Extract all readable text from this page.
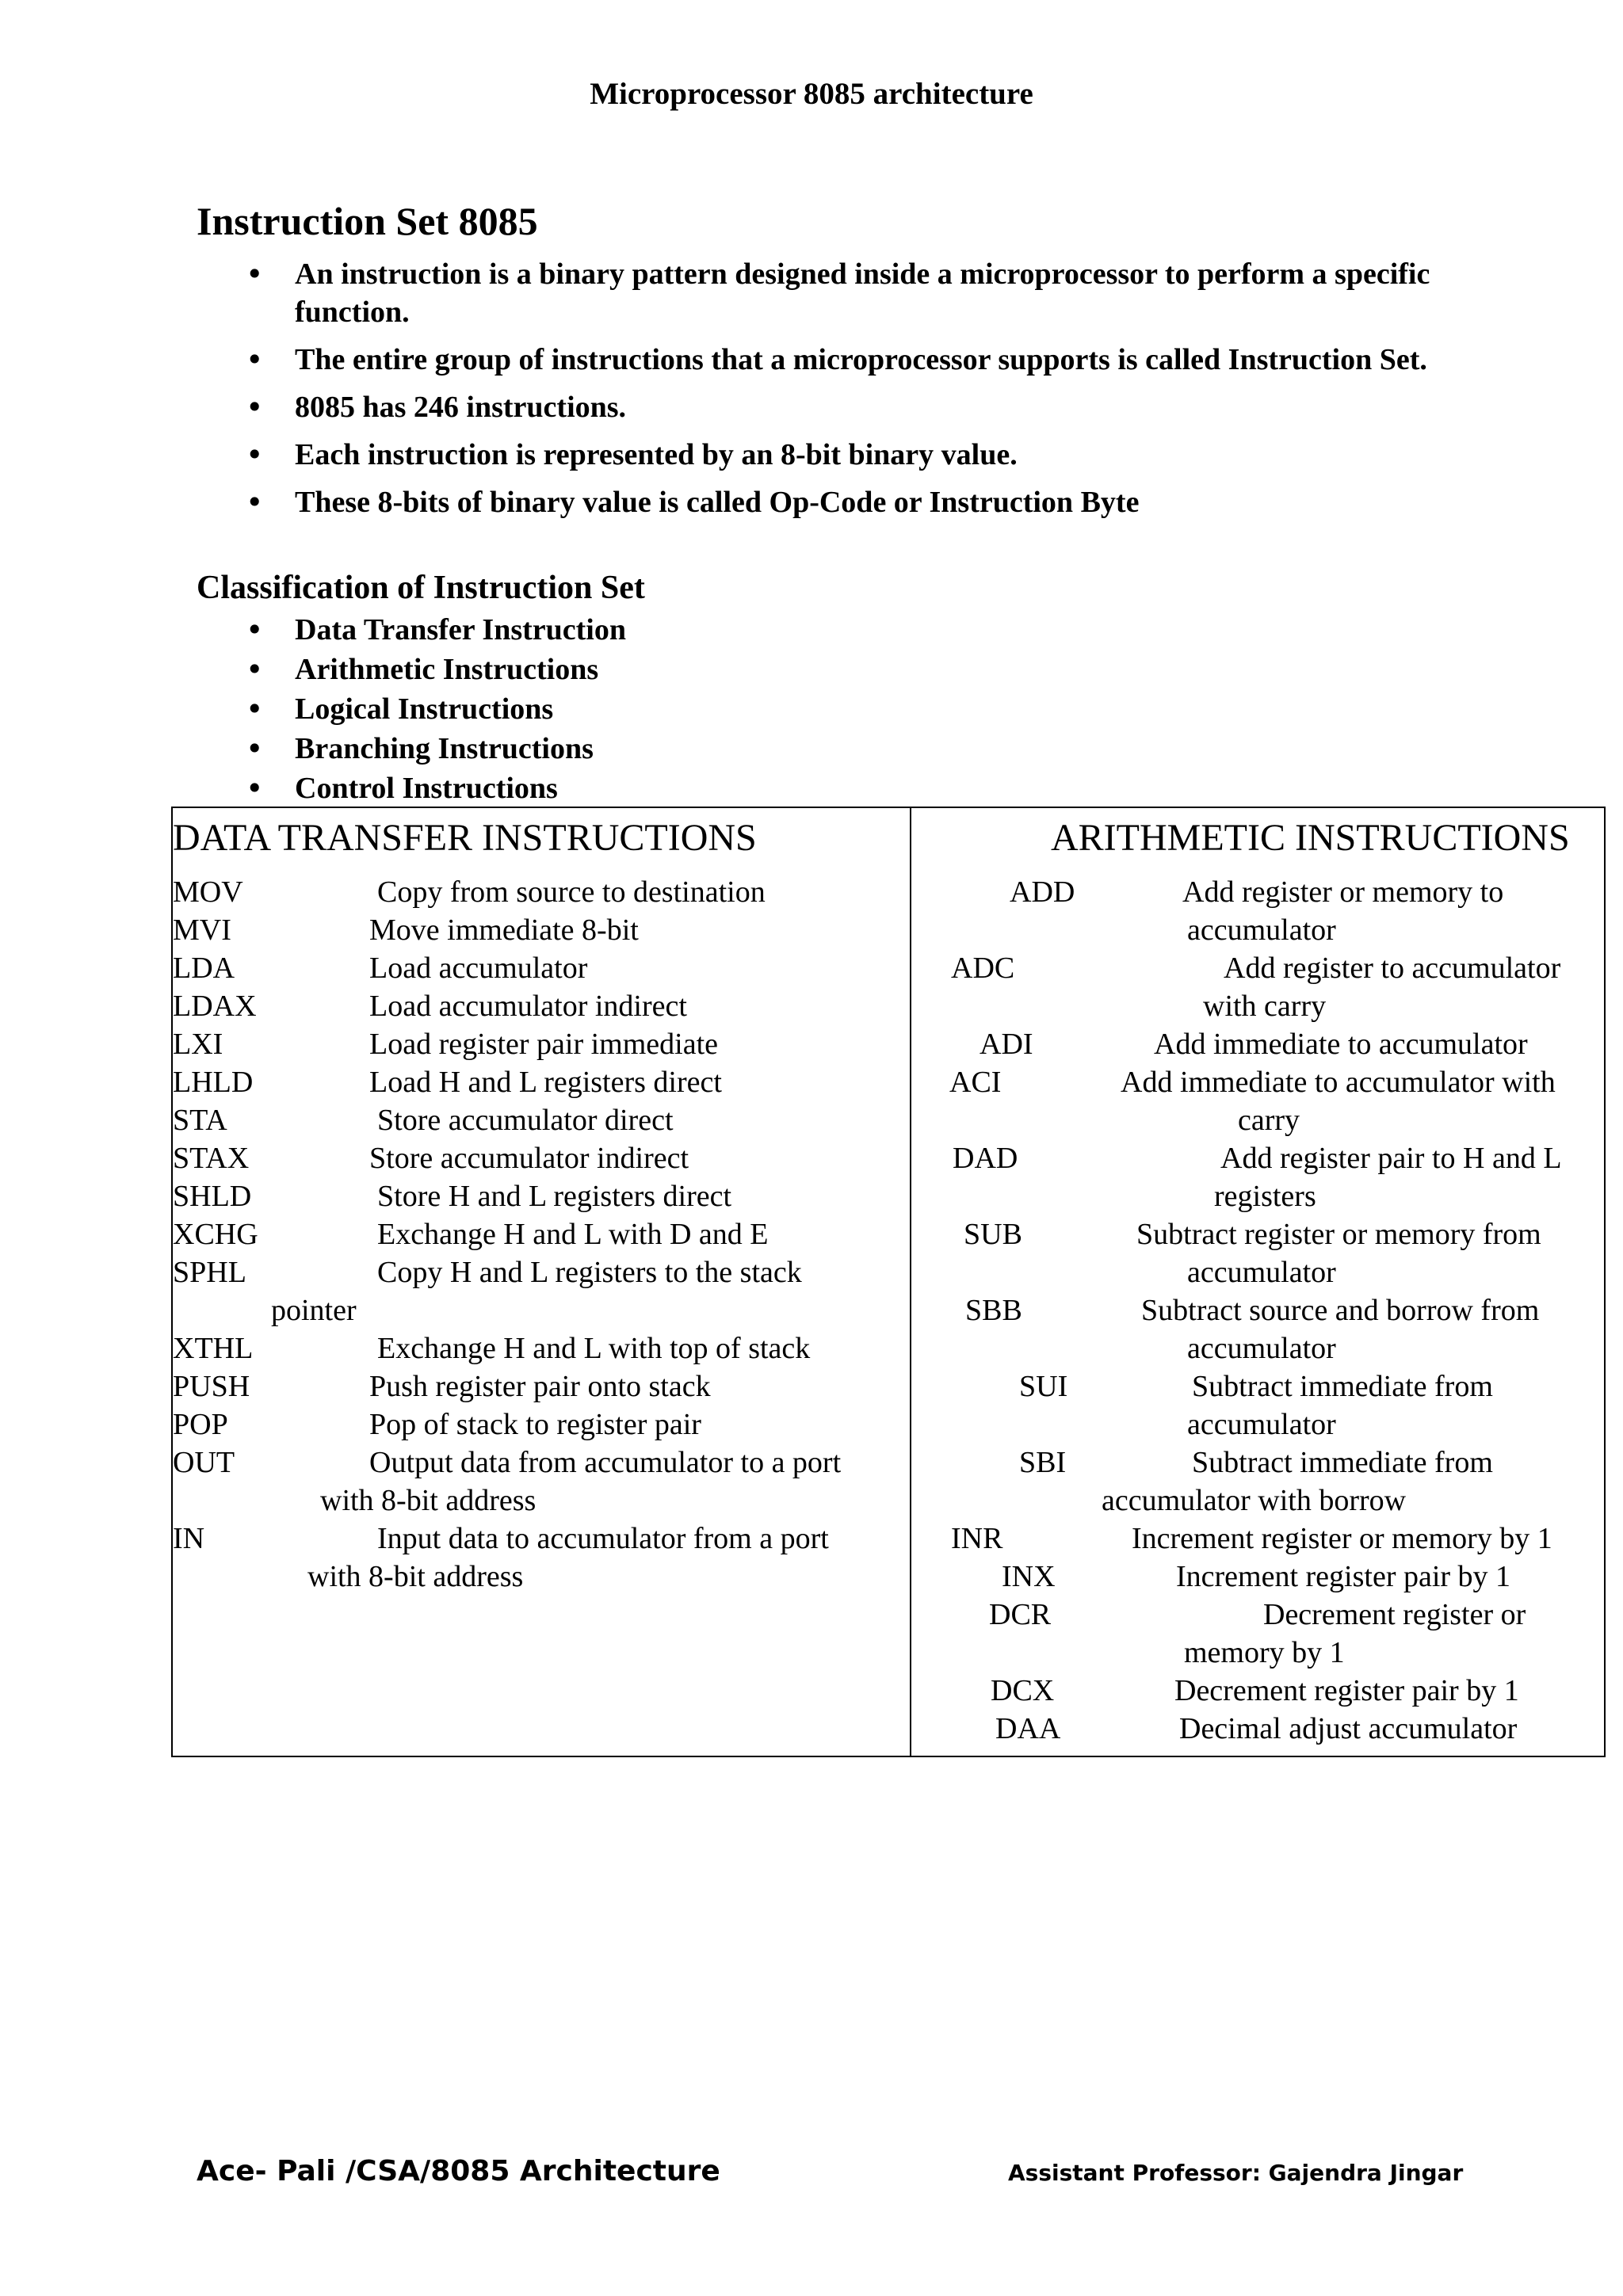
Microprocessor 8085 architecture
Instruction Set 8085
• An instruction is a binary pattern designed inside a microprocessor to perform a specific function.
• The entire group of instructions that a microprocessor supports is called Instruction Set.
• 8085 has 246 instructions.
• Each instruction is represented by an 8-bit binary value.
• These 8-bits of binary value is called Op-Code or Instruction Byte
Classification of Instruction Set
• Data Transfer Instruction
• Arithmetic Instructions
• Logical Instructions
• Branching Instructions
• Control Instructions
DATA TRANSFER INSTRUCTIONS	ARITHMETIC INSTRUCTIONS
MOV	Copy from source to destination
MVI	Move immediate 8-bit
LDA	Load accumulator
LDAX	Load accumulator indirect
LXI	Load register pair immediate
LHLD	Load H and L registers direct
STA	Store accumulator direct
STAX	Store accumulator indirect
SHLD	Store H and L registers direct
XCHG	Exchange H and L with D and E
SPHL	Copy H and L registers to the stack
pointer
XTHL	Exchange H and L with top of stack
PUSH	Push register pair onto stack
POP	Pop of stack to register pair
OUT	Output data from accumulator to a port
with 8-bit address
IN	Input data to accumulator from a port
with 8-bit address
ADD	Add register or memory to
accumulator
ADC	Add register to accumulator
with carry
ADI	Add immediate to accumulator
ACI	Add immediate to accumulator with
carry
DAD	Add register pair to H and L
registers
SUB	Subtract register or memory from
accumulator
SBB	Subtract source and borrow from
accumulator
SUI	Subtract immediate from
accumulator
SBI	Subtract immediate from
accumulator with borrow
INR	Increment register or memory by 1
INX	Increment register pair by 1
DCR	Decrement register or
memory by 1
DCX	Decrement register pair by 1
DAA	Decimal adjust accumulator
Ace- Pali /CSA/8085 Architecture	Assistant Professor: Gajendra Jingar
